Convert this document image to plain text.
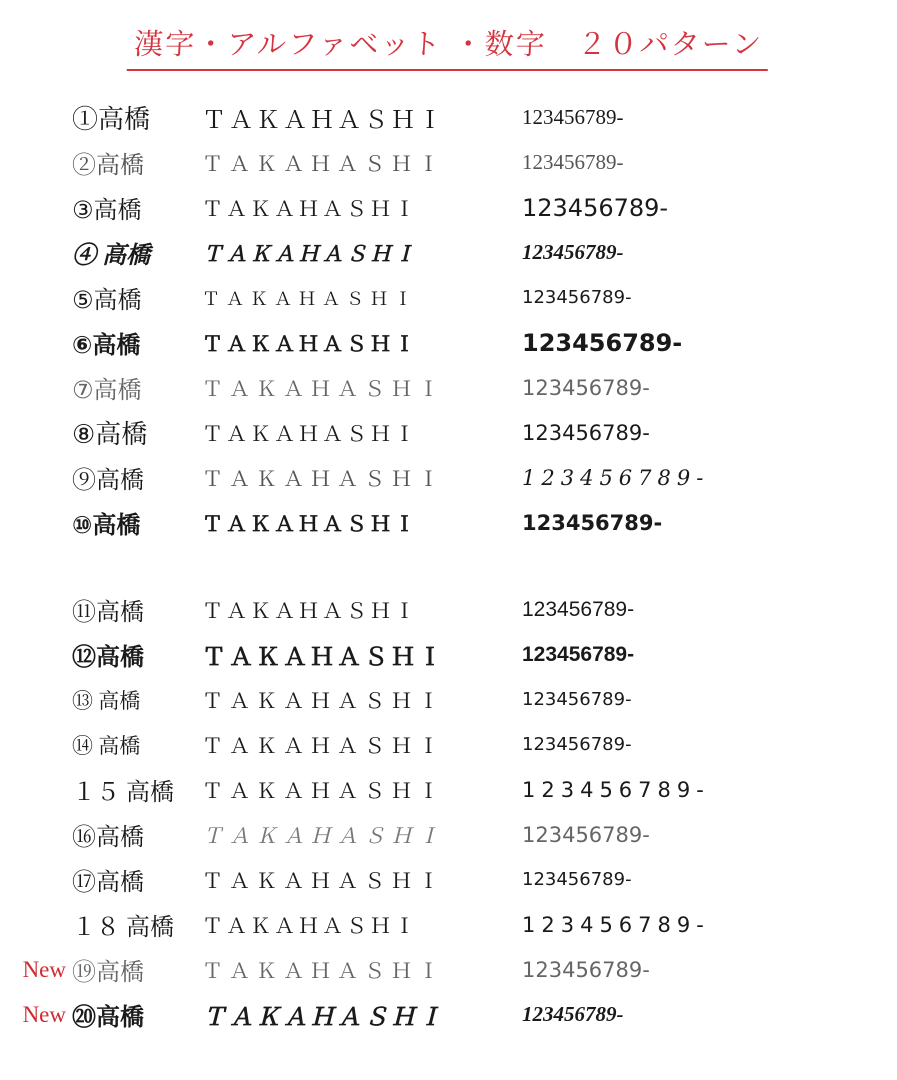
漢字・アルファベット ・数字　２０パターン
①高橋	ＴＡＫＡＨＡＳＨＩ	123456789-
②高橋	ＴＡＫＡＨＡＳＨＩ	123456789-
③高橋	ＴＡＫＡＨＡＳＨＩ	123456789-
④ 高橋	ＴＡＫＡＨＡＳＨＩ	123456789-
⑤高橋	ＴＡＫＡＨＡＳＨＩ	123456789-
⑥高橋	ＴＡＫＡＨＡＳＨＩ	123456789-
⑦高橋	ＴＡＫＡＨＡＳＨＩ	123456789-
⑧高橋	ＴＡＫＡＨＡＳＨＩ	123456789-
⑨高橋	ＴＡＫＡＨＡＳＨＩ	123456789-
⑩高橋	ＴＡＫＡＨＡＳＨＩ	123456789-
⑪高橋	ＴＡＫＡＨＡＳＨＩ	123456789-
⑫高橋	ＴＡＫＡＨＡＳＨＩ	123456789-
⑬ 高橋	ＴＡＫＡＨＡＳＨＩ	123456789-
⑭ 高橋	ＴＡＫＡＨＡＳＨＩ	123456789-
１５ 高橋	ＴＡＫＡＨＡＳＨＩ	123456789-
⑯高橋	ＴＡＫＡＨＡＳＨＩ	123456789-
⑰高橋	ＴＡＫＡＨＡＳＨＩ	123456789-
１８ 高橋	ＴＡＫＡＨＡＳＨＩ	123456789-
New ⑲高橋	ＴＡＫＡＨＡＳＨＩ	123456789-
New ⑳高橋	ＴＡＫＡＨＡＳＨＩ	123456789-
